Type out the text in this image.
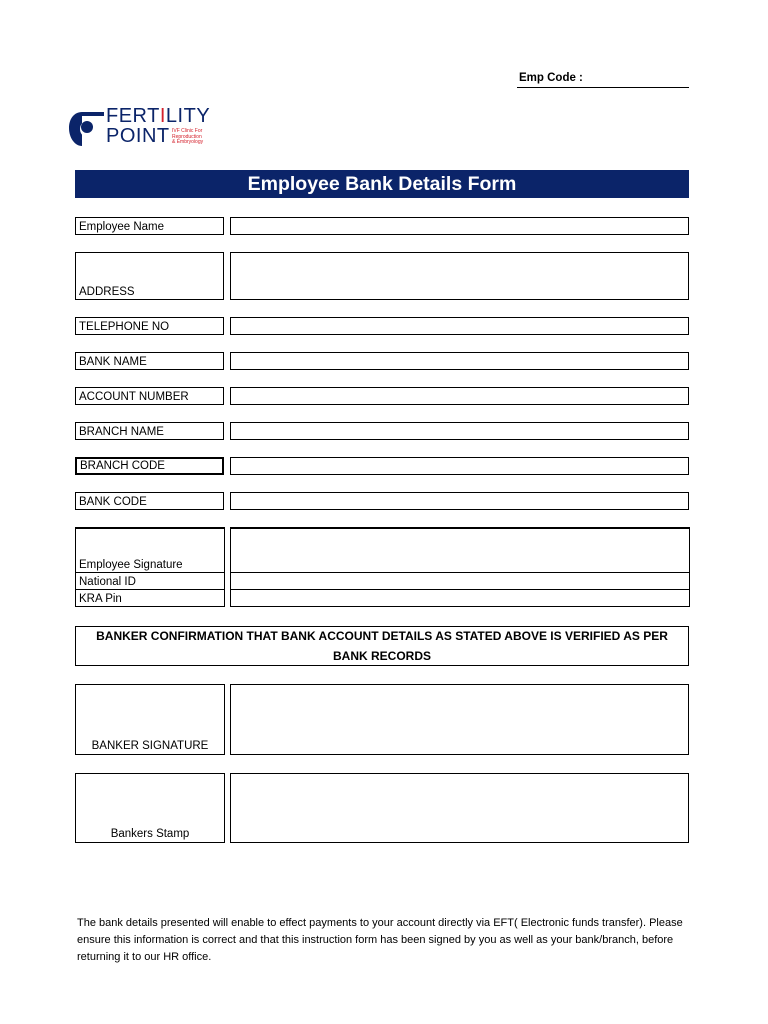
Emp Code :
FERTILITY
POINT IVF Clinic For
Reproduction
& Embryology
Employee Bank Details Form
Employee Name
ADDRESS
TELEPHONE NO
BANK NAME
ACCOUNT NUMBER
BRANCH NAME
BRANCH CODE
BANK CODE
Employee Signature
National ID
KRA Pin
BANKER CONFIRMATION THAT BANK ACCOUNT DETAILS AS STATED ABOVE IS VERIFIED AS PER BANK RECORDS
BANKER SIGNATURE
Bankers Stamp
The bank details presented will enable to effect payments to your account directly via EFT( Electronic funds transfer). Please ensure this information is correct and that this instruction form has been signed by you as well as your bank/branch, before returning it to our HR office.
